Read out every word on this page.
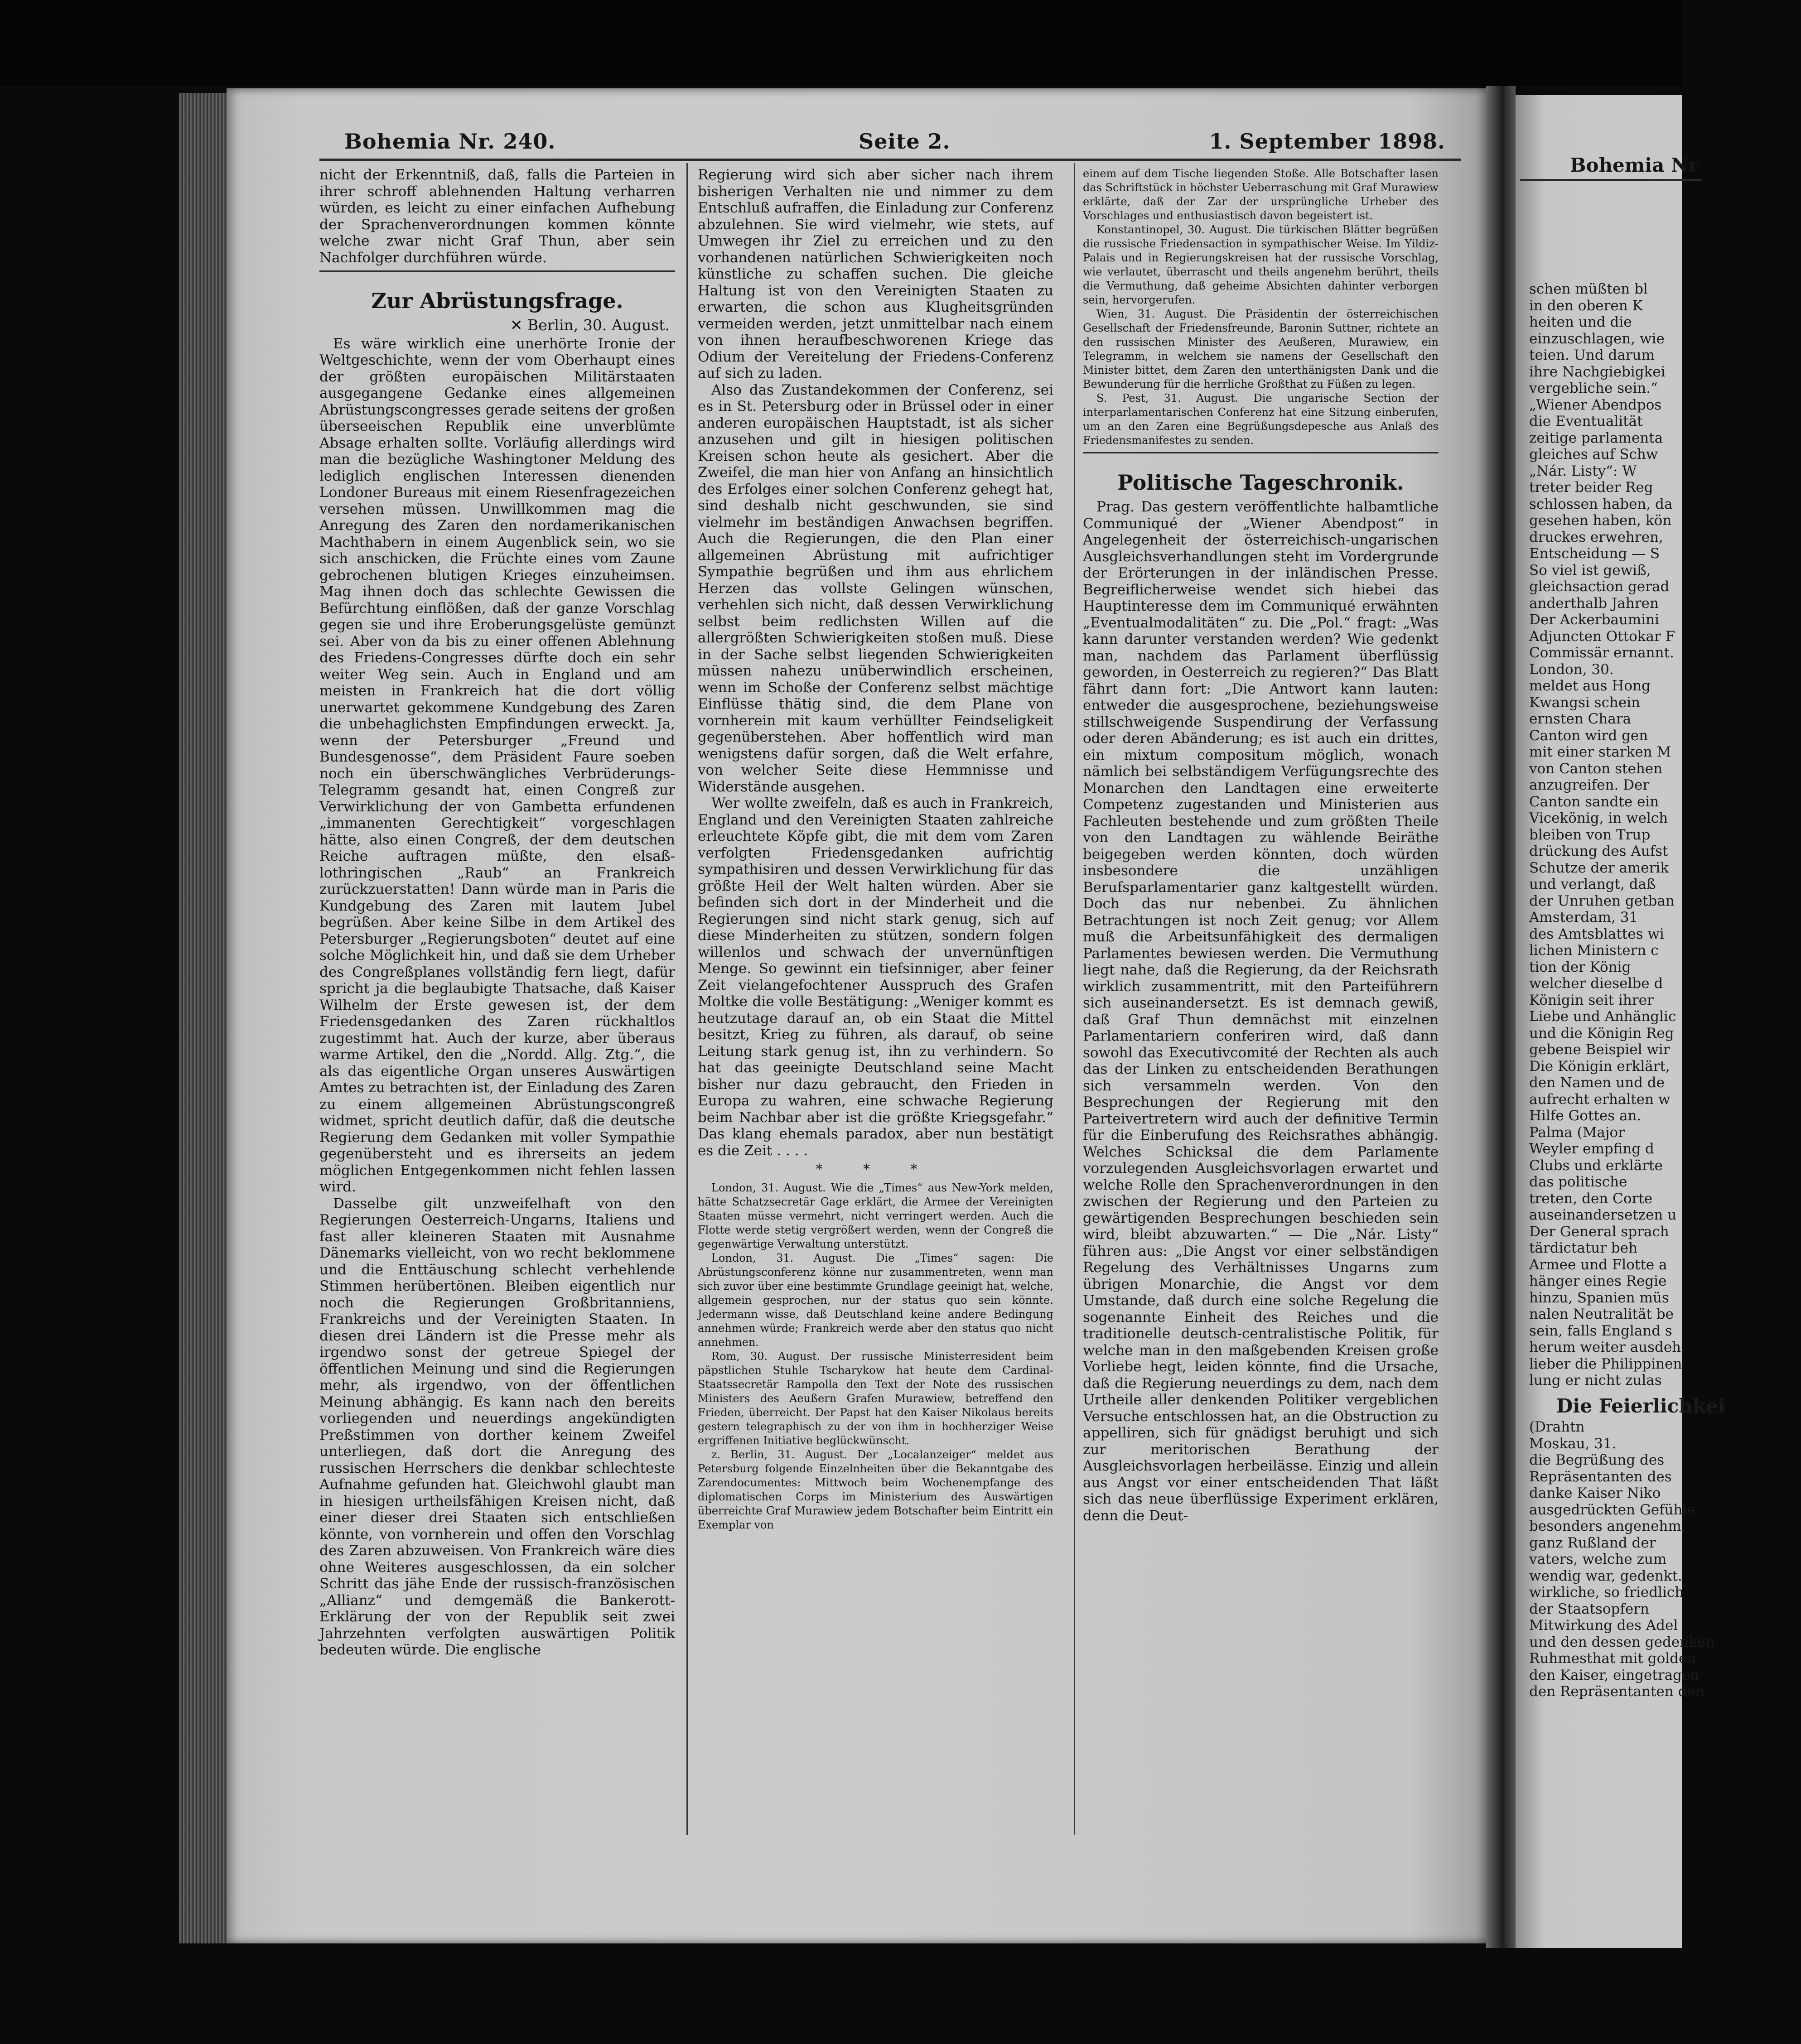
Bohemia Nr. 240.	Seite 2.	1. September 1898.

nicht der Erkenntniß, daß, falls die Parteien in ihrer schroff ablehnenden Haltung verharren würden, es leicht zu einer einfachen Aufhebung der Sprachenverordnungen kommen könnte welche zwar nicht Graf Thun, aber sein Nachfolger durchführen würde.

Zur Abrüstungsfrage.
✕ Berlin, 30. August.

Es wäre wirklich eine unerhörte Ironie der Weltgeschichte, wenn der vom Oberhaupt eines der größten europäischen Militärstaaten ausgegangene Gedanke eines allgemeinen Abrüstungscongresses gerade seitens der großen überseeischen Republik eine unverblümte Absage erhalten sollte. Vorläufig allerdings wird man die bezügliche Washingtoner Meldung des lediglich englischen Interessen dienenden Londoner Bureaus mit einem Riesenfragezeichen versehen müssen. Unwillkommen mag die Anregung des Zaren den nordamerikanischen Machthabern in einem Augenblick sein, wo sie sich anschicken, die Früchte eines vom Zaune gebrochenen blutigen Krieges einzuheimsen. Mag ihnen doch das schlechte Gewissen die Befürchtung einflößen, daß der ganze Vorschlag gegen sie und ihre Eroberungsgelüste gemünzt sei. Aber von da bis zu einer offenen Ablehnung des Friedens-Congresses dürfte doch ein sehr weiter Weg sein. Auch in England und am meisten in Frankreich hat die dort völlig unerwartet gekommene Kundgebung des Zaren die unbehaglichsten Empfindungen erweckt. Ja, wenn der Petersburger „Freund und Bundesgenosse“, dem Präsident Faure soeben noch ein überschwängliches Verbrüderungs-Telegramm gesandt hat, einen Congreß zur Verwirklichung der von Gambetta erfundenen „immanenten Gerechtigkeit“ vorgeschlagen hätte, also einen Congreß, der dem deutschen Reiche auftragen müßte, den elsaß-lothringischen „Raub“ an Frankreich zurückzuerstatten! Dann würde man in Paris die Kundgebung des Zaren mit lautem Jubel begrüßen. Aber keine Silbe in dem Artikel des Petersburger „Regierungsboten“ deutet auf eine solche Möglichkeit hin, und daß sie dem Urheber des Congreßplanes vollständig fern liegt, dafür spricht ja die beglaubigte Thatsache, daß Kaiser Wilhelm der Erste gewesen ist, der dem Friedensgedanken des Zaren rückhaltlos zugestimmt hat. Auch der kurze, aber überaus warme Artikel, den die „Nordd. Allg. Ztg.“, die als das eigentliche Organ unseres Auswärtigen Amtes zu betrachten ist, der Einladung des Zaren zu einem allgemeinen Abrüstungscongreß widmet, spricht deutlich dafür, daß die deutsche Regierung dem Gedanken mit voller Sympathie gegenübersteht und es ihrerseits an jedem möglichen Entgegenkommen nicht fehlen lassen wird.

Dasselbe gilt unzweifelhaft von den Regierungen Oesterreich-Ungarns, Italiens und fast aller kleineren Staaten mit Ausnahme Dänemarks vielleicht, von wo recht beklommene und die Enttäuschung schlecht verhehlende Stimmen herübertönen. Bleiben eigentlich nur noch die Regierungen Großbritanniens, Frankreichs und der Vereinigten Staaten. In diesen drei Ländern ist die Presse mehr als irgendwo sonst der getreue Spiegel der öffentlichen Meinung und sind die Regierungen mehr, als irgendwo, von der öffentlichen Meinung abhängig. Es kann nach den bereits vorliegenden und neuerdings angekündigten Preßstimmen von dorther keinem Zweifel unterliegen, daß dort die Anregung des russischen Herrschers die denkbar schlechteste Aufnahme gefunden hat. Gleichwohl glaubt man in hiesigen urtheilsfähigen Kreisen nicht, daß einer dieser drei Staaten sich entschließen könnte, von vornherein und offen den Vorschlag des Zaren abzuweisen. Von Frankreich wäre dies ohne Weiteres ausgeschlossen, da ein solcher Schritt das jähe Ende der russisch-französischen „Allianz“ und demgemäß die Bankerott-Erklärung der von der Republik seit zwei Jahrzehnten verfolgten auswärtigen Politik bedeuten würde. Die englische

Regierung wird sich aber sicher nach ihrem bisherigen Verhalten nie und nimmer zu dem Entschluß aufraffen, die Einladung zur Conferenz abzulehnen. Sie wird vielmehr, wie stets, auf Umwegen ihr Ziel zu erreichen und zu den vorhandenen natürlichen Schwierigkeiten noch künstliche zu schaffen suchen. Die gleiche Haltung ist von den Vereinigten Staaten zu erwarten, die schon aus Klugheitsgründen vermeiden werden, jetzt unmittelbar nach einem von ihnen heraufbeschworenen Kriege das Odium der Vereitelung der Friedens-Conferenz auf sich zu laden.

Also das Zustandekommen der Conferenz, sei es in St. Petersburg oder in Brüssel oder in einer anderen europäischen Hauptstadt, ist als sicher anzusehen und gilt in hiesigen politischen Kreisen schon heute als gesichert. Aber die Zweifel, die man hier von Anfang an hinsichtlich des Erfolges einer solchen Conferenz gehegt hat, sind deshalb nicht geschwunden, sie sind vielmehr im beständigen Anwachsen begriffen. Auch die Regierungen, die den Plan einer allgemeinen Abrüstung mit aufrichtiger Sympathie begrüßen und ihm aus ehrlichem Herzen das vollste Gelingen wünschen, verhehlen sich nicht, daß dessen Verwirklichung selbst beim redlichsten Willen auf die allergrößten Schwierigkeiten stoßen muß. Diese in der Sache selbst liegenden Schwierigkeiten müssen nahezu unüberwindlich erscheinen, wenn im Schoße der Conferenz selbst mächtige Einflüsse thätig sind, die dem Plane von vornherein mit kaum verhüllter Feindseligkeit gegenüberstehen. Aber hoffentlich wird man wenigstens dafür sorgen, daß die Welt erfahre, von welcher Seite diese Hemmnisse und Widerstände ausgehen.

Wer wollte zweifeln, daß es auch in Frankreich, England und den Vereinigten Staaten zahlreiche erleuchtete Köpfe gibt, die mit dem vom Zaren verfolgten Friedensgedanken aufrichtig sympathisiren und dessen Verwirklichung für das größte Heil der Welt halten würden. Aber sie befinden sich dort in der Minderheit und die Regierungen sind nicht stark genug, sich auf diese Minderheiten zu stützen, sondern folgen willenlos und schwach der unvernünftigen Menge. So gewinnt ein tiefsinniger, aber feiner Zeit vielangefochtener Ausspruch des Grafen Moltke die volle Bestätigung: „Weniger kommt es heutzutage darauf an, ob ein Staat die Mittel besitzt, Krieg zu führen, als darauf, ob seine Leitung stark genug ist, ihn zu verhindern. So hat das geeinigte Deutschland seine Macht bisher nur dazu gebraucht, den Frieden in Europa zu wahren, eine schwache Regierung beim Nachbar aber ist die größte Kriegsgefahr.“ Das klang ehemals paradox, aber nun bestätigt es die Zeit . . . .

* * *

London, 31. August. Wie die „Times“ aus New-York melden, hätte Schatzsecretär Gage erklärt, die Armee der Vereinigten Staaten müsse vermehrt, nicht verringert werden. Auch die Flotte werde stetig vergrößert werden, wenn der Congreß die gegenwärtige Verwaltung unterstützt.

London, 31. August. Die „Times“ sagen: Die Abrüstungsconferenz könne nur zusammentreten, wenn man sich zuvor über eine bestimmte Grundlage geeinigt hat, welche, allgemein gesprochen, nur der status quo sein könnte. Jedermann wisse, daß Deutschland keine andere Bedingung annehmen würde; Frankreich werde aber den status quo nicht annehmen.

Rom, 30. August. Der russische Ministerresident beim päpstlichen Stuhle Tscharykow hat heute dem Cardinal-Staatssecretär Rampolla den Text der Note des russischen Ministers des Aeußern Grafen Murawiew, betreffend den Frieden, überreicht. Der Papst hat den Kaiser Nikolaus bereits gestern telegraphisch zu der von ihm in hochherziger Weise ergriffenen Initiative beglückwünscht.

z. Berlin, 31. August. Der „Localanzeiger“ meldet aus Petersburg folgende Einzelnheiten über die Bekanntgabe des Zarendocumentes: Mittwoch beim Wochenempfange des diplomatischen Corps im Ministerium des Auswärtigen überreichte Graf Murawiew jedem Botschafter beim Eintritt ein Exemplar von

einem auf dem Tische liegenden Stoße. Alle Botschafter lasen das Schriftstück in höchster Ueberraschung mit Graf Murawiew erklärte, daß der Zar der ursprüngliche Urheber des Vorschlages und enthusiastisch davon begeistert ist.

Konstantinopel, 30. August. Die türkischen Blätter begrüßen die russische Friedensaction in sympathischer Weise. Im Yildiz-Palais und in Regierungskreisen hat der russische Vorschlag, wie verlautet, überrascht und theils angenehm berührt, theils die Vermuthung, daß geheime Absichten dahinter verborgen sein, hervorgerufen.

Wien, 31. August. Die Präsidentin der österreichischen Gesellschaft der Friedensfreunde, Baronin Suttner, richtete an den russischen Minister des Aeußeren, Murawiew, ein Telegramm, in welchem sie namens der Gesellschaft den Minister bittet, dem Zaren den unterthänigsten Dank und die Bewunderung für die herrliche Großthat zu Füßen zu legen.

S. Pest, 31. August. Die ungarische Section der interparlamentarischen Conferenz hat eine Sitzung einberufen, um an den Zaren eine Begrüßungsdepesche aus Anlaß des Friedensmanifestes zu senden.

Politische Tageschronik.

Prag. Das gestern veröffentlichte halbamtliche Communiqué der „Wiener Abendpost“ in Angelegenheit der österreichisch-ungarischen Ausgleichsverhandlungen steht im Vordergrunde der Erörterungen in der inländischen Presse. Begreiflicherweise wendet sich hiebei das Hauptinteresse dem im Communiqué erwähnten „Eventualmodalitäten“ zu. Die „Pol.“ fragt: „Was kann darunter verstanden werden? Wie gedenkt man, nachdem das Parlament überflüssig geworden, in Oesterreich zu regieren?“ Das Blatt fährt dann fort: „Die Antwort kann lauten: entweder die ausgesprochene, beziehungsweise stillschweigende Suspendirung der Verfassung oder deren Abänderung; es ist auch ein drittes, ein mixtum compositum möglich, wonach nämlich bei selbständigem Verfügungsrechte des Monarchen den Landtagen eine erweiterte Competenz zugestanden und Ministerien aus Fachleuten bestehende und zum größten Theile von den Landtagen zu wählende Beiräthe beigegeben werden könnten, doch würden insbesondere die unzähligen Berufsparlamentarier ganz kaltgestellt würden. Doch das nur nebenbei. Zu ähnlichen Betrachtungen ist noch Zeit genug; vor Allem muß die Arbeitsunfähigkeit des dermaligen Parlamentes bewiesen werden. Die Vermuthung liegt nahe, daß die Regierung, da der Reichsrath wirklich zusammentritt, mit den Parteiführern sich auseinandersetzt. Es ist demnach gewiß, daß Graf Thun demnächst mit einzelnen Parlamentariern conferiren wird, daß dann sowohl das Executivcomité der Rechten als auch das der Linken zu entscheidenden Berathungen sich versammeln werden. Von den Besprechungen der Regierung mit den Parteivertretern wird auch der definitive Termin für die Einberufung des Reichsrathes abhängig. Welches Schicksal die dem Parlamente vorzulegenden Ausgleichsvorlagen erwartet und welche Rolle den Sprachenverordnungen in den zwischen der Regierung und den Parteien zu gewärtigenden Besprechungen beschieden sein wird, bleibt abzuwarten.“ — Die „Nár. Listy“ führen aus: „Die Angst vor einer selbständigen Regelung des Verhältnisses Ungarns zum übrigen Monarchie, die Angst vor dem Umstande, daß durch eine solche Regelung die sogenannte Einheit des Reiches und die traditionelle deutsch-centralistische Politik, für welche man in den maßgebenden Kreisen große Vorliebe hegt, leiden könnte, find die Ursache, daß die Regierung neuerdings zu dem, nach dem Urtheile aller denkenden Politiker vergeblichen Versuche entschlossen hat, an die Obstruction zu appelliren, sich für gnädigst beruhigt und sich zur meritorischen Berathung der Ausgleichsvorlagen herbeilässe. Einzig und allein aus Angst vor einer entscheidenden That läßt sich das neue überflüssige Experiment erklären, denn die Deut-

Bohemia Nr
schen müßten bl
in den oberen K
heiten und die
einzuschlagen, wie
teien. Und darum
ihre Nachgiebigkei
vergebliche sein.“
„Wiener Abendpos
die Eventualität
zeitige parlamenta
gleiches auf Schw
„Nár. Listy“: W
treter beider Reg
schlossen haben, da
gesehen haben, kön
druckes erwehren,
Entscheidung — S
So viel ist gewiß,
gleichsaction gerad
anderthalb Jahren
Der Ackerbaumini
Adjuncten Ottokar F
Commissär ernannt.
London, 30.
meldet aus Hong
Kwangsi schein
ernsten Chara
Canton wird gen
mit einer starken M
von Canton stehen
anzugreifen. Der
Canton sandte ein
Vicekönig, in welch
bleiben von Trup
drückung des Aufst
Schutze der amerik
und verlangt, daß
der Unruhen getban
Amsterdam, 31
des Amtsblattes wi
lichen Ministern c
tion der König
welcher dieselbe d
Königin seit ihrer
Liebe und Anhänglic
und die Königin Reg
gebene Beispiel wir
Die Königin erklärt,
den Namen und de
aufrecht erhalten w
Hilfe Gottes an.
Palma (Major
Weyler empfing d
Clubs und erklärte
das politische
treten, den Corte
auseinandersetzen u
Der General sprach
tärdictatur beh
Armee und Flotte a
hänger eines Regie
hinzu, Spanien müs
nalen Neutralität be
sein, falls England s
herum weiter ausdeh
lieber die Philippinen
lung er nicht zulas
Die Feierlichkei
(Drahtn
Moskau, 31.
die Begrüßung des
Repräsentanten des
danke Kaiser Niko
ausgedrückten Gefühle
besonders angenehm,
ganz Rußland der
vaters, welche zum
wendig war, gedenkt.
wirkliche, so friedlich
der Staatsopfern
Mitwirkung des Adel
und den dessen gedenken
Ruhmesthat mit golden
den Kaiser, eingetragen
den Repräsentanten den
